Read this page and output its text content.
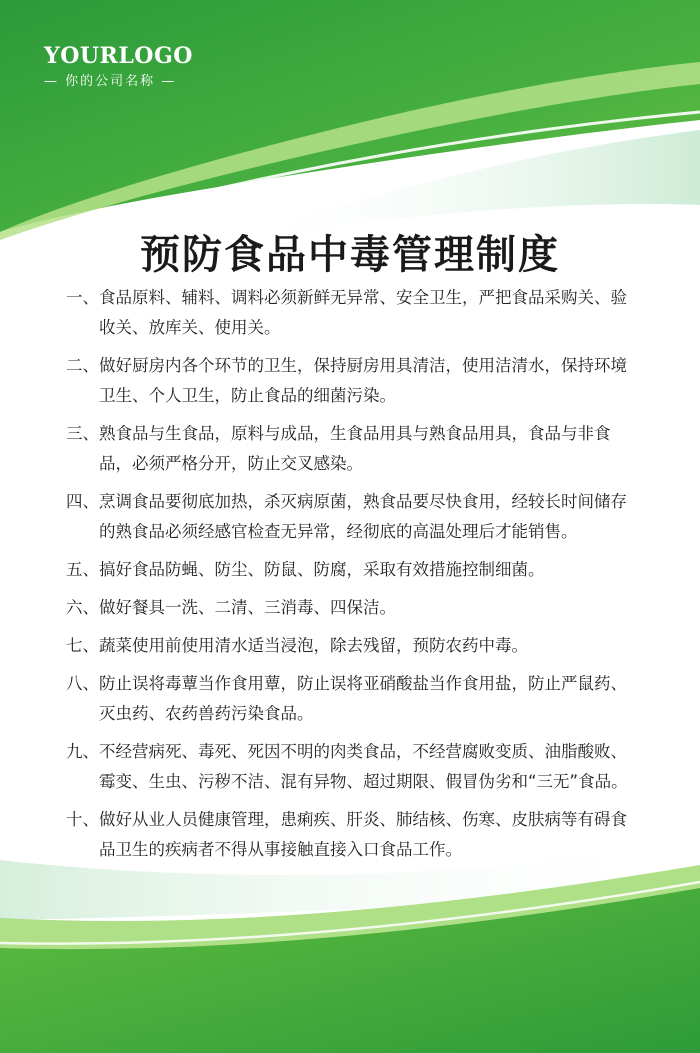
YOURLOGO
— 你的公司名称 —
预防食品中毒管理制度
一、 食品原料、辅料、调料必须新鲜无异常、安全卫生，严把食品采购关、验收关、放库关、使用关。
二、 做好厨房内各个环节的卫生，保持厨房用具清洁，使用洁清水，保持环境卫生、个人卫生，防止食品的细菌污染。
三、 熟食品与生食品，原料与成品，生食品用具与熟食品用具，食品与非食品，必须严格分开，防止交叉感染。
四、 烹调食品要彻底加热，杀灭病原菌，熟食品要尽快食用，经较长时间储存的熟食品必须经感官检查无异常，经彻底的高温处理后才能销售。
五、 搞好食品防蝇、防尘、防鼠、防腐，采取有效措施控制细菌。
六、 做好餐具一洗、二清、三消毒、四保洁。
七、 蔬菜使用前使用清水适当浸泡，除去残留，预防农药中毒。
八、 防止误将毒蕈当作食用蕈，防止误将亚硝酸盐当作食用盐，防止严鼠药、灭虫药、农药兽药污染食品。
九、 不经营病死、毒死、死因不明的肉类食品，不经营腐败变质、油脂酸败、霉变、生虫、污秽不洁、混有异物、超过期限、假冒伪劣和“三无”食品。
十、 做好从业人员健康管理，患痢疾、肝炎、肺结核、伤寒、皮肤病等有碍食品卫生的疾病者不得从事接触直接入口食品工作。
